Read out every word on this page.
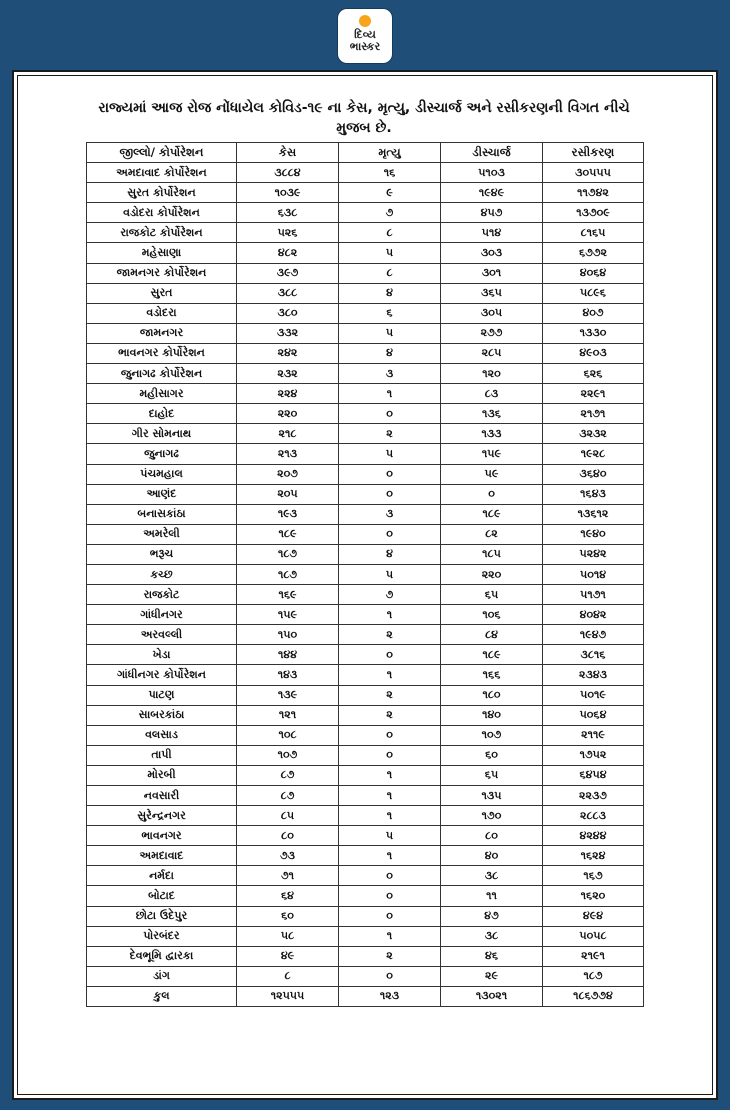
દિવ્ય
ભાસ્કર
રાજ્યમાં આજ રોજ નોંધાયેલ કોવિડ-૧૯ ના કેસ, મૃત્યુ, ડીસ્ચાર્જ અને રસીકરણની વિગત નીચે
મુજબ છે.
જીલ્લો/ કોર્પોરેશન	કેસ	મૃત્યુ	ડીસ્ચાર્જ	રસીકરણ
અમદાવાદ કોર્પોરેશન	૩૮૮૪	૧૬	૫૧૦૩	૩૦૫૫૫
સુરત કોર્પોરેશન	૧૦૩૯	૯	૧૯૪૯	૧૧૭૪૨
વડોદરા કોર્પોરેશન	૬૩૮	૭	૪૫૭	૧૩૭૦૯
રાજકોટ કોર્પોરેશન	૫૨૬	૮	૫૧૪	૮૧૬૫
મહેસાણા	૪૮૨	૫	૩૦૩	૬૭૭૨
જામનગર કોર્પોરેશન	૩૯૭	૮	૩૦૧	૪૦૬૪
સુરત	૩૮૮	૪	૩૬૫	૫૮૯૬
વડોદરા	૩૮૦	૬	૩૦૫	૪૦૭
જામનગર	૩૩૨	૫	૨૭૭	૧૩૩૦
ભાવનગર કોર્પોરેશન	૨૪૨	૪	૨૮૫	૪૯૦૩
જુનાગઢ કોર્પોરેશન	૨૩૨	૩	૧૨૦	૬૨૬
મહીસાગર	૨૨૪	૧	૮૩	૨૨૯૧
દાહોદ	૨૨૦	૦	૧૩૬	૨૧૭૧
ગીર સોમનાથ	૨૧૮	૨	૧૩૩	૩૨૩૨
જુનાગઢ	૨૧૩	૫	૧૫૯	૧૯૨૮
પંચમહાલ	૨૦૭	૦	૫૯	૩૬૪૦
આણંદ	૨૦૫	૦	૦	૧૬૪૩
બનાસકાંઠા	૧૯૩	૩	૧૮૯	૧૩૬૧૨
અમરેલી	૧૮૯	૦	૮૨	૧૯૪૦
ભરૂચ	૧૮૭	૪	૧૮૫	૫૨૪૨
કચ્છ	૧૮૭	૫	૨૨૦	૫૦૧૪
રાજકોટ	૧૬૯	૭	૬૫	૫૧૭૧
ગાંધીનગર	૧૫૯	૧	૧૦૬	૪૦૪૨
અરવલ્લી	૧૫૦	૨	૮૪	૧૯૪૭
ખેડા	૧૪૪	૦	૧૮૯	૩૮૧૬
ગાંધીનગર કોર્પોરેશન	૧૪૩	૧	૧૬૬	૨૩૪૩
પાટણ	૧૩૯	૨	૧૮૦	૫૦૧૯
સાબરકાંઠા	૧૨૧	૨	૧૪૦	૫૦૬૪
વલસાડ	૧૦૮	૦	૧૦૭	૨૧૧૯
તાપી	૧૦૭	૦	૬૦	૧૭૫૨
મોરબી	૮૭	૧	૬૫	૬૪૫૪
નવસારી	૮૭	૧	૧૩૫	૨૨૩૭
સુરેન્દ્રનગર	૮૫	૧	૧૭૦	૨૮૮૩
ભાવનગર	૮૦	૫	૮૦	૪૨૪૪
અમદાવાદ	૭૩	૧	૪૦	૧૬૨૪
નર્મદા	૭૧	૦	૩૮	૧૬૭
બોટાદ	૬૪	૦	૧૧	૧૬૨૦
છોટા ઉદેપુર	૬૦	૦	૪૭	૪૯૪
પોરબંદર	૫૮	૧	૩૮	૫૦૫૮
દેવભૂમિ દ્વારકા	૪૯	૨	૪૬	૨૧૯૧
ડાંગ	૮	૦	૨૯	૧૮૭
કુલ	૧૨૫૫૫	૧૨૩	૧૩૦૨૧	૧૮૬૭૭૪
